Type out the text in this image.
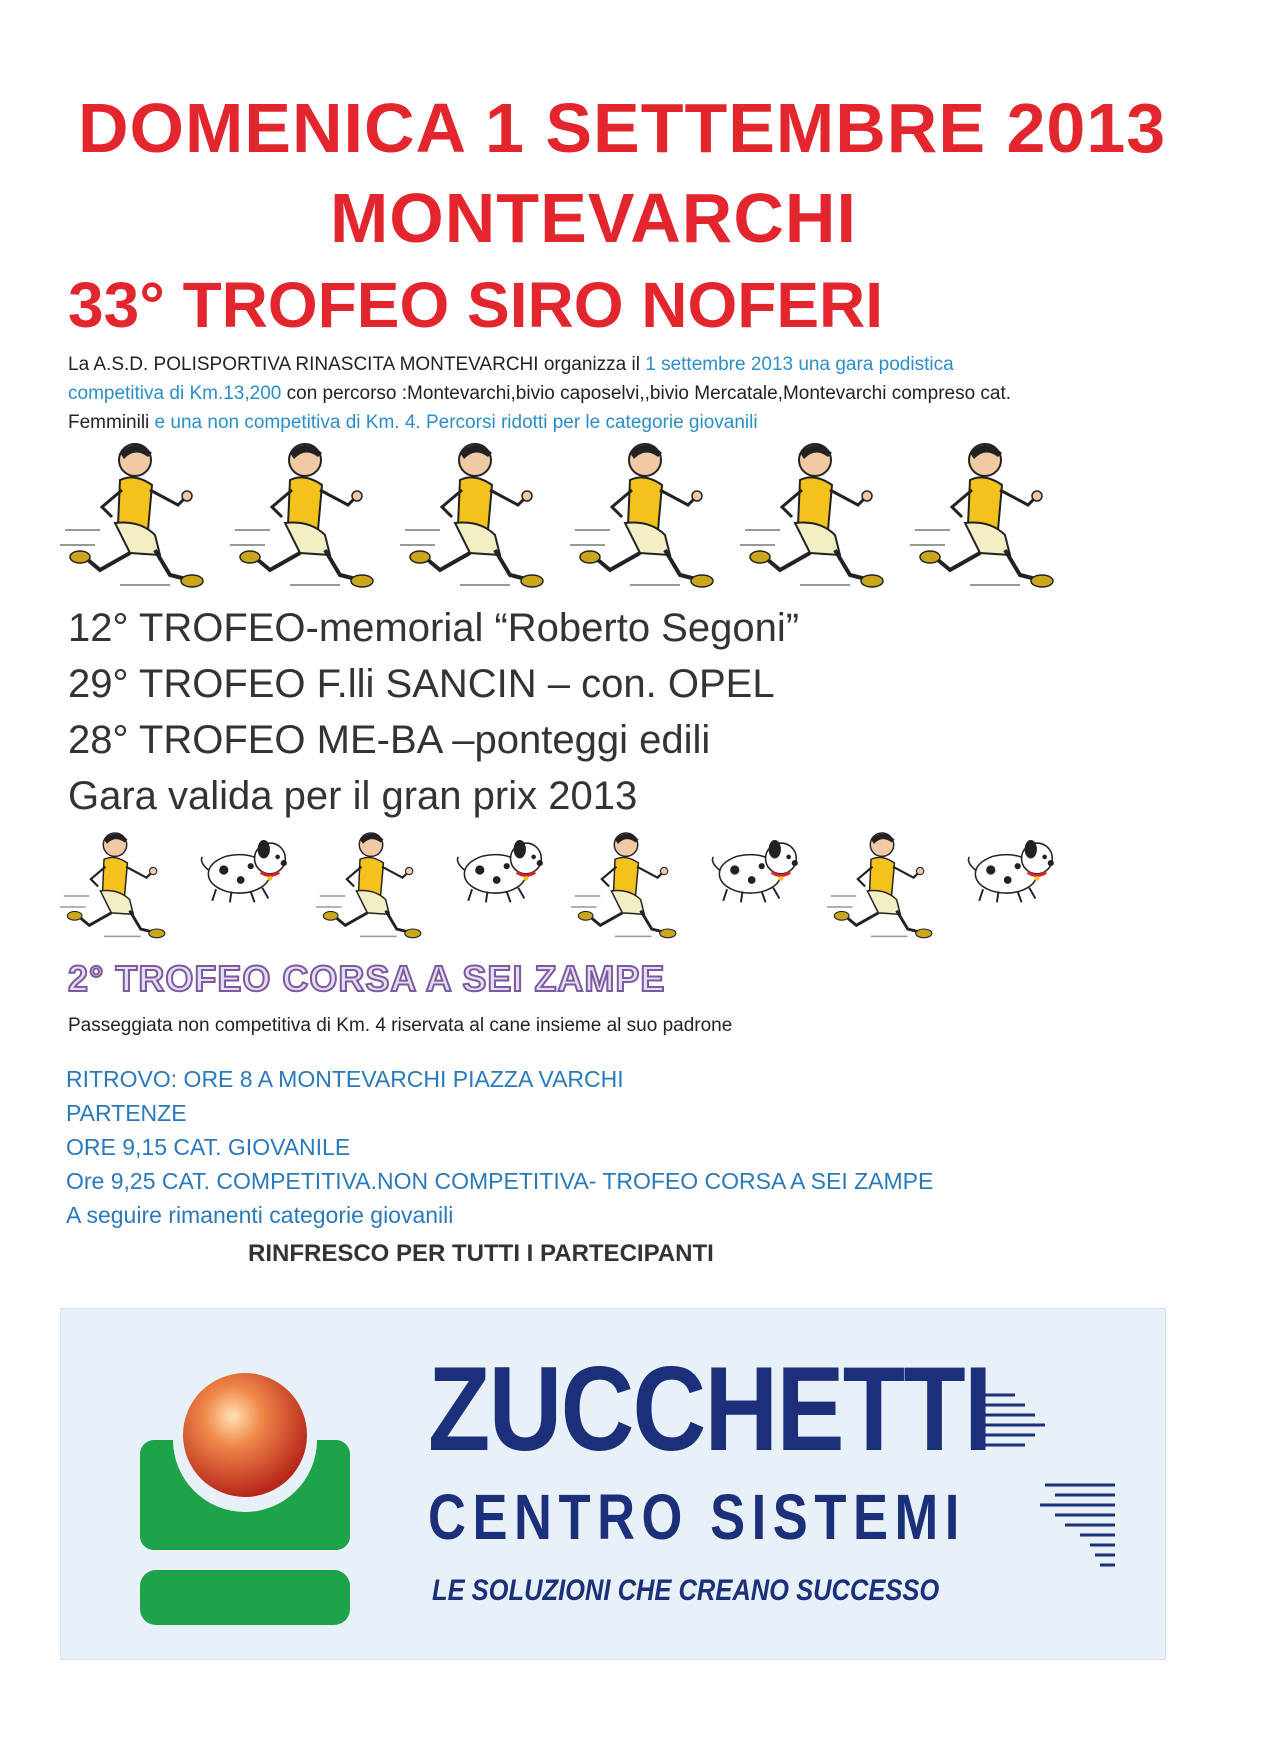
DOMENICA 1 SETTEMBRE 2013
MONTEVARCHI
33° TROFEO SIRO NOFERI
La A.S.D. POLISPORTIVA RINASCITA MONTEVARCHI organizza il 1 settembre 2013 una gara podistica competitiva di Km.13,200 con percorso :Montevarchi,bivio caposelvi,,bivio Mercatale,Montevarchi compreso cat. Femminili e una non competitiva di Km. 4. Percorsi ridotti per le categorie giovanili
12° TROFEO-memorial “Roberto Segoni”
29° TROFEO F.lli SANCIN – con. OPEL
28° TROFEO ME-BA –ponteggi edili
Gara valida per il gran prix 2013
2° TROFEO CORSA A SEI ZAMPE
Passeggiata non competitiva di Km. 4 riservata al cane insieme al suo padrone
RITROVO: ORE 8 A MONTEVARCHI PIAZZA VARCHI
PARTENZE
ORE 9,15 CAT. GIOVANILE
Ore 9,25 CAT. COMPETITIVA.NON COMPETITIVA- TROFEO CORSA A SEI ZAMPE
A seguire rimanenti categorie giovanili
RINFRESCO PER TUTTI I PARTECIPANTI
ZUCCHETTI
CENTRO SISTEMI
LE SOLUZIONI CHE CREANO SUCCESSO
